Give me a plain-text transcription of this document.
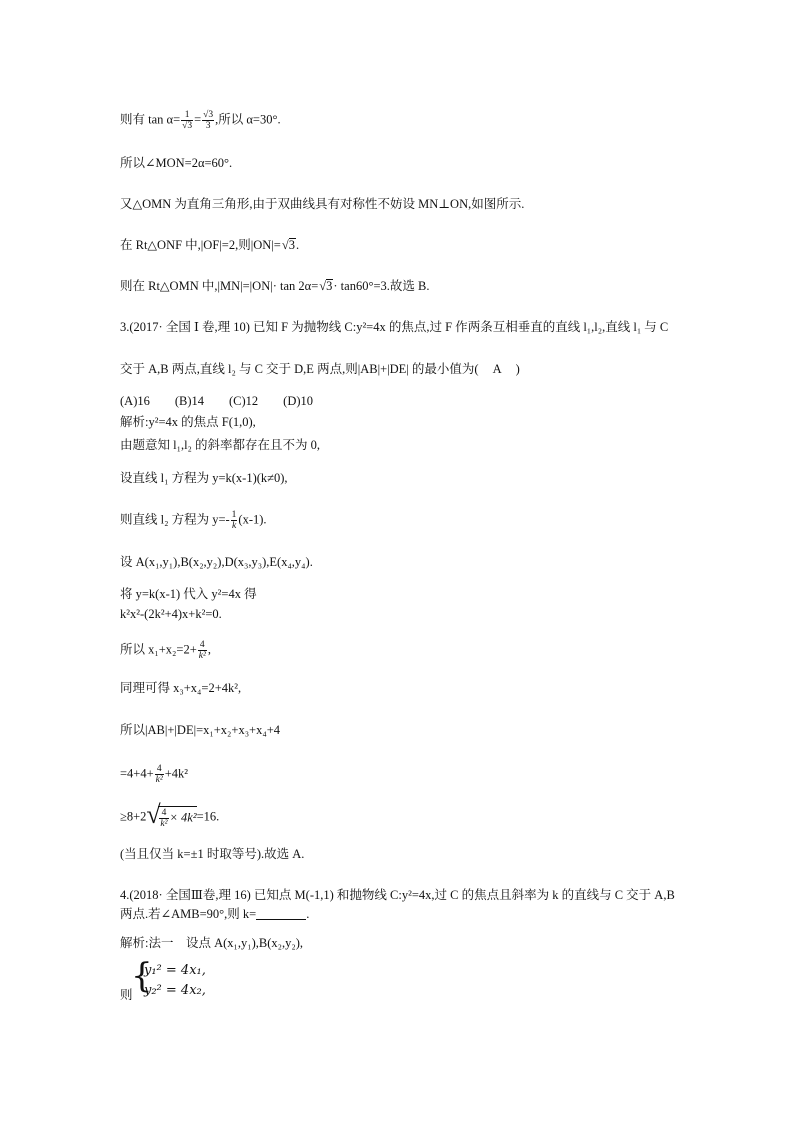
则有 $\tan \alpha= \frac{1}{√3} = \frac{√3}{3}$ ,所以 α=30°.
所以∠MON=2α=60°.
又△OMN 为直角三角形,由于双曲线具有对称性不妨设 MN⊥ON,如图所示.
在 Rt△ONF 中,|OF|=2,则|ON|= √ 3.
则在 Rt△OMN 中,|MN|=|ON|· tan 2α= √ 3· tan60°=3.故选 B.
3.(2017· 全国 Ⅰ 卷,理 10) 已知 F 为抛物线 C:y²=4x 的焦点,过 F 作两条互相垂直的直线 l₁,l₂,直线 l₁ 与 C
交于 A,B 两点,直线 l₂ 与 C 交于 D,E 两点,则|AB|+|DE| 的最小值为( A )
(A)16　　(B)14　　(C)12　　(D)10
解析:y²=4x 的焦点 F(1,0),
由题意知 l₁,l₂ 的斜率都存在且不为 0,
设直线 l₁ 方程为 y=k(x-1)(k≠0),
则直线 l₂ 方程为 $y=- \frac{1}{k} (x-1)$.
设 A(x₁,y₁),B(x₂,y₂),D(x₃,y₃),E(x₄,y₄).
将 y=k(x-1) 代入 y²=4x 得
k²x²-(2k²+4)x+k²=0.
所以 $x_1+x_2=2+ \frac{4}{\text{k²}}$ ,
同理可得 x₃+x₄=2+4k²,
所以|AB|+|DE|=x₁+x₂+x₃+x₄+4
$=4+4+ \frac{4}{\text{k²}} +4k^2$
≥8+2 √
$\frac{4}{\text{k²}} \times 4k^2=16$.
(当且仅当 k=±1 时取等号).故选 A.
4.(2018· 全国Ⅲ卷,理 16) 已知点 M(-1,1) 和抛物线 C:y²=4x,过 C 的焦点且斜率为 k 的直线与 C 交于 A,B
两点.若∠AMB=90°,则 k=	.
解析:法一　设点 A(x₁,y₁),B(x₂,y₂),
则
{
y₁² = 4x₁,
y₂² = 4x₂,
